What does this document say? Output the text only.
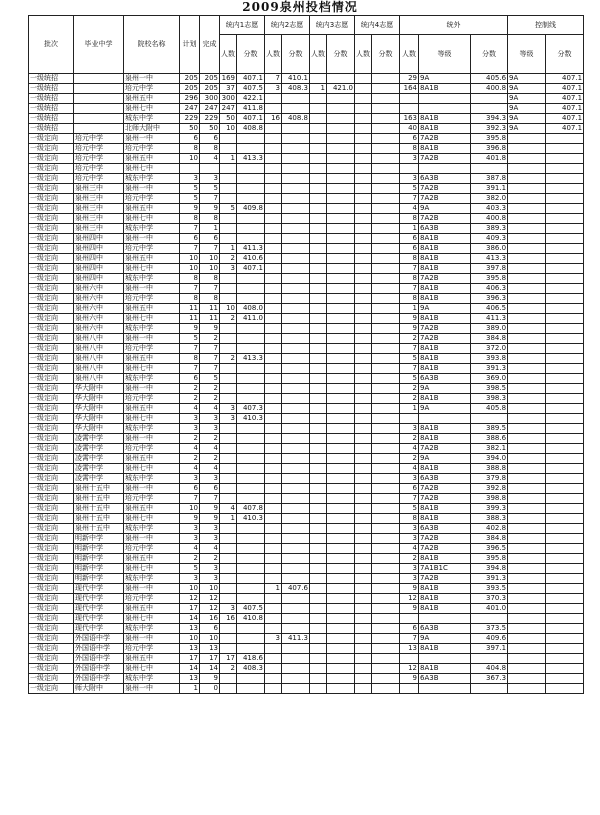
2009泉州投档情况
批次	毕业中学	院校名称	计划	完成	统内1志愿		统内2志愿		统内3志愿		统内4志愿		统外			控制线	
					人数	分数	人数	分数	人数	分数	人数	分数	人数	等级	分数	等级	分数
一级统招		泉州一中	205	205	169	407.1	7	410.1					29	9A	405.6	9A	407.1
一级统招		培元中学	205	205	37	407.5	3	408.3	1	421.0			164	8A1B	400.8	9A	407.1
一级统招		泉州五中	296	300	300	422.1										9A	407.1
一级统招		泉州七中	247	247	247	411.8										9A	407.1
一级统招		城东中学	229	229	50	407.1	16	408.8					163	8A1B	394.3	9A	407.1
一级统招		北师大附中	50	50	10	408.8							40	8A1B	392.3	9A	407.1
一级定向	培元中学	泉州一中	6	6									6	7A2B	395.8		
一级定向	培元中学	培元中学	8	8									8	8A1B	396.8		
一级定向	培元中学	泉州五中	10	4	1	413.3							3	7A2B	401.8		
一级定向	培元中学	泉州七中															
一级定向	培元中学	城东中学	3	3									3	6A3B	387.8		
一级定向	泉州三中	泉州一中	5	5									5	7A2B	391.1		
一级定向	泉州三中	培元中学	5	7									7	7A2B	382.0		
一级定向	泉州三中	泉州五中	9	9	5	409.8							4	9A	403.3		
一级定向	泉州三中	泉州七中	8	8									8	7A2B	400.8		
一级定向	泉州三中	城东中学	7	1									1	6A3B	389.3		
一级定向	泉州四中	泉州一中	6	6									6	8A1B	409.3		
一级定向	泉州四中	培元中学	7	7	1	411.3							6	8A1B	386.0		
一级定向	泉州四中	泉州五中	10	10	2	410.6							8	8A1B	413.3		
一级定向	泉州四中	泉州七中	10	10	3	407.1							7	8A1B	397.8		
一级定向	泉州四中	城东中学	8	8									8	7A2B	395.8		
一级定向	泉州六中	泉州一中	7	7									7	8A1B	406.3		
一级定向	泉州六中	培元中学	8	8									8	8A1B	396.3		
一级定向	泉州六中	泉州五中	11	11	10	408.0							1	9A	406.5		
一级定向	泉州六中	泉州七中	11	11	2	411.0							9	8A1B	411.3		
一级定向	泉州六中	城东中学	9	9									9	7A2B	389.0		
一级定向	泉州八中	泉州一中	5	2									2	7A2B	384.8		
一级定向	泉州八中	培元中学	7	7									7	8A1B	372.0		
一级定向	泉州八中	泉州五中	8	7	2	413.3							5	8A1B	393.8		
一级定向	泉州八中	泉州七中	7	7									7	8A1B	391.3		
一级定向	泉州八中	城东中学	6	5									5	6A3B	369.0		
一级定向	华大附中	泉州一中	2	2									2	9A	398.5		
一级定向	华大附中	培元中学	2	2									2	8A1B	398.3		
一级定向	华大附中	泉州五中	4	4	3	407.3							1	9A	405.8		
一级定向	华大附中	泉州七中	3	3	3	410.3											
一级定向	华大附中	城东中学	3	3									3	8A1B	389.5		
一级定向	凌霄中学	泉州一中	2	2									2	8A1B	388.6		
一级定向	凌霄中学	培元中学	4	4									4	7A2B	382.1		
一级定向	凌霄中学	泉州五中	2	2									2	9A	394.0		
一级定向	凌霄中学	泉州七中	4	4									4	8A1B	388.8		
一级定向	凌霄中学	城东中学	3	3									3	6A3B	379.8		
一级定向	泉州十五中	泉州一中	6	6									6	7A2B	392.8		
一级定向	泉州十五中	培元中学	7	7									7	7A2B	398.8		
一级定向	泉州十五中	泉州五中	10	9	4	407.8							5	8A1B	399.3		
一级定向	泉州十五中	泉州七中	9	9	1	410.3							8	8A1B	388.3		
一级定向	泉州十五中	城东中学	3	3									3	6A3B	402.8		
一级定向	明新中学	泉州一中	3	3									3	7A2B	384.8		
一级定向	明新中学	培元中学	4	4									4	7A2B	396.5		
一级定向	明新中学	泉州五中	2	2									2	8A1B	395.8		
一级定向	明新中学	泉州七中	5	3									3	7A1B1C	394.8		
一级定向	明新中学	城东中学	3	3									3	7A2B	391.3		
一级定向	现代中学	泉州一中	10	10			1	407.6					9	8A1B	393.5		
一级定向	现代中学	培元中学	12	12									12	8A1B	370.3		
一级定向	现代中学	泉州五中	17	12	3	407.5							9	8A1B	401.0		
一级定向	现代中学	泉州七中	14	16	16	410.8											
一级定向	现代中学	城东中学	13	6									6	6A3B	373.5		
一级定向	外国语中学	泉州一中	10	10			3	411.3					7	9A	409.6		
一级定向	外国语中学	培元中学	13	13									13	8A1B	397.1		
一级定向	外国语中学	泉州五中	17	17	17	418.6											
一级定向	外国语中学	泉州七中	14	14	2	408.3							12	8A1B	404.8		
一级定向	外国语中学	城东中学	13	9									9	6A3B	367.3		
一级定向	师大附中	泉州一中	1	0													
